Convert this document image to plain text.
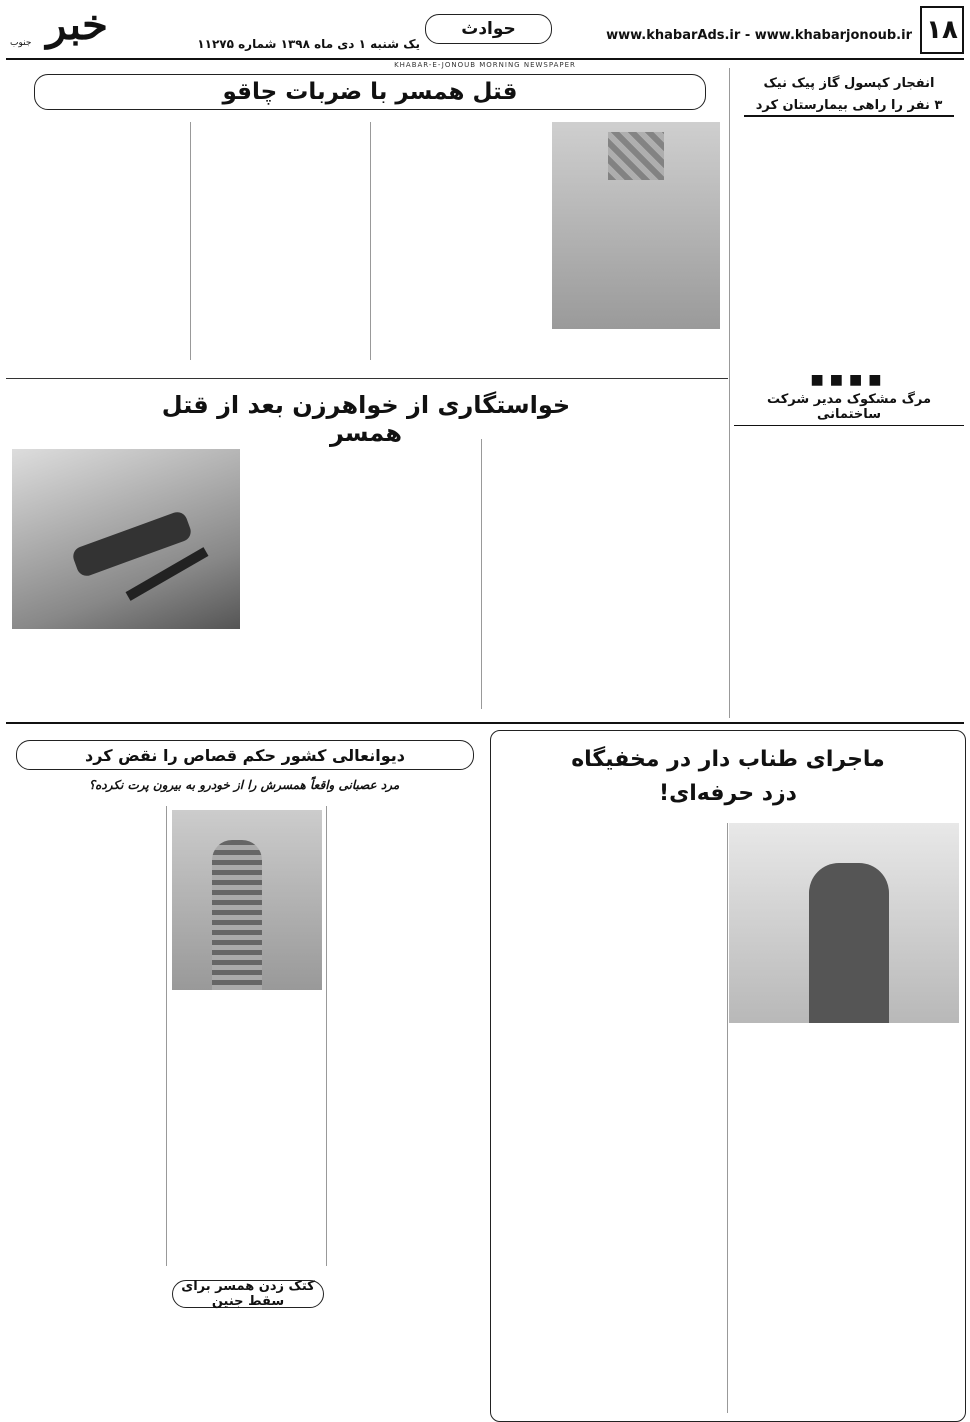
۱۸
www.khabarAds.ir - www.khabarjonoub.ir
حوادث
یک شنبه ۱ دی ماه ۱۳۹۸ شماره ۱۱۲۷۵
خبر
جنوب
KHABAR-E-JONOUB MORNING NEWSPAPER
انفجار کپسول گاز پیک نیک
۳ نفر را راهی بیمارستان کرد
■■■■
مرگ مشکوک مدیر شرکت ساختمانی
قتل همسر با ضربات چاقو
خواستگاری از خواهرزن بعد از قتل همسر
ماجرای طناب دار در مخفیگاه
دزد حرفه‌ای!
دیوانعالی کشور حکم قصاص را نقض کرد
مرد عصبانی واقعاً همسرش را از خودرو به بیرون پرت نکرده؟
کتک زدن همسر برای سقط جنین
